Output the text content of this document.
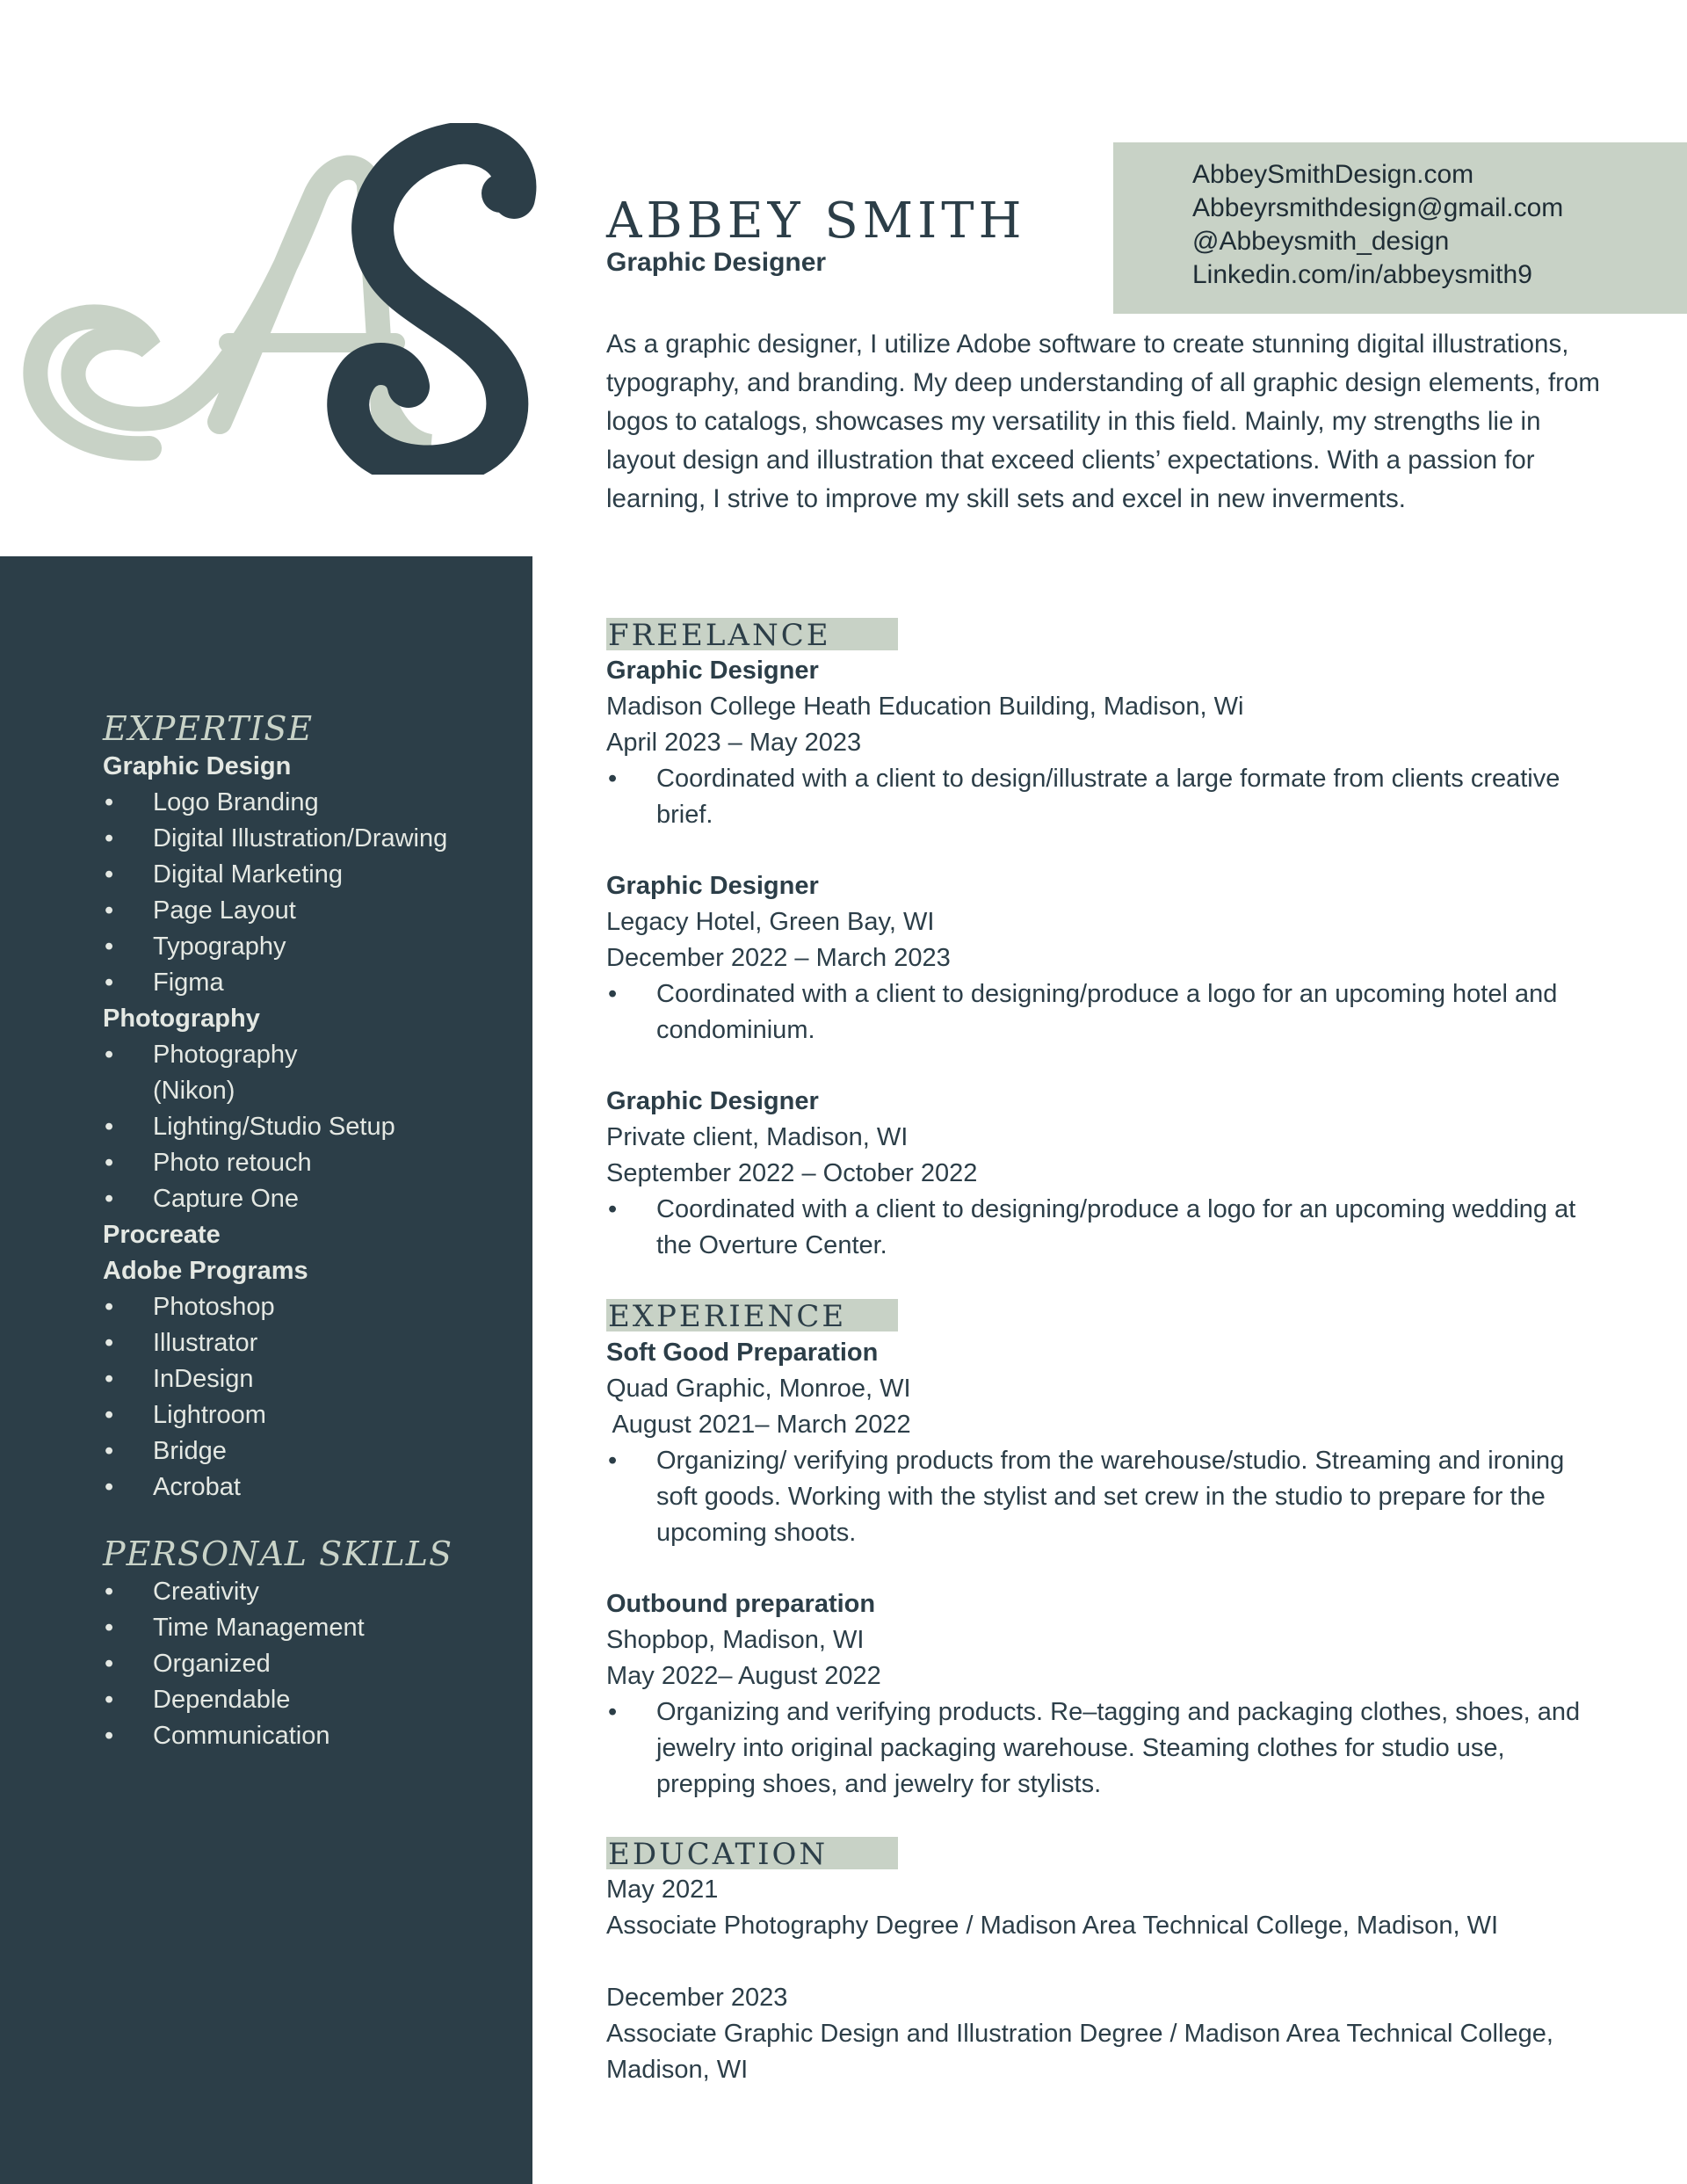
ABBEY SMITH
Graphic Designer
AbbeySmithDesign.com
Abbeyrsmithdesign@gmail.com
@Abbeysmith_design
Linkedin.com/in/abbeysmith9

As a graphic designer, I utilize Adobe software to create stunning digital illustrations, typography, and branding. My deep understanding of all graphic design elements, from logos to catalogs, showcases my versatility in this field. Mainly, my strengths lie in layout design and illustration that exceed clients’ expectations. With a passion for learning, I strive to improve my skill sets and excel in new inverments.

EXPERTISE
Graphic Design
• Logo Branding
• Digital Illustration/Drawing
• Digital Marketing
• Page Layout
• Typography
• Figma
Photography
• Photography (Nikon)
• Lighting/Studio Setup
• Photo retouch
• Capture One
Procreate
Adobe Programs
• Photoshop
• Illustrator
• InDesign
• Lightroom
• Bridge
• Acrobat
PERSONAL SKILLS
• Creativity
• Time Management
• Organized
• Dependable
• Communication
FREELANCE
Graphic Designer
Madison College Heath Education Building, Madison, Wi
April 2023 – May 2023
• Coordinated with a client to design/illustrate a large formate from clients creative brief.
Graphic Designer
Legacy Hotel, Green Bay, WI
December 2022 – March 2023
• Coordinated with a client to designing/produce a logo for an upcoming hotel and condominium.
Graphic Designer
Private client, Madison, WI
September 2022 – October 2022
• Coordinated with a client to designing/produce a logo for an upcoming wedding at the Overture Center.
EXPERIENCE
Soft Good Preparation
Quad Graphic, Monroe, WI
August 2021– March 2022
• Organizing/ verifying products from the warehouse/studio. Streaming and ironing soft goods. Working with the stylist and set crew in the studio to prepare for the upcoming shoots.
Outbound preparation
Shopbop, Madison, WI
May 2022– August 2022
• Organizing and verifying products. Re–tagging and packaging clothes, shoes, and jewelry into original packaging warehouse. Steaming clothes for studio use, prepping shoes, and jewelry for stylists.
EDUCATION
May 2021
Associate Photography Degree / Madison Area Technical College, Madison, WI
December 2023
Associate Graphic Design and Illustration Degree / Madison Area Technical College, Madison, WI
